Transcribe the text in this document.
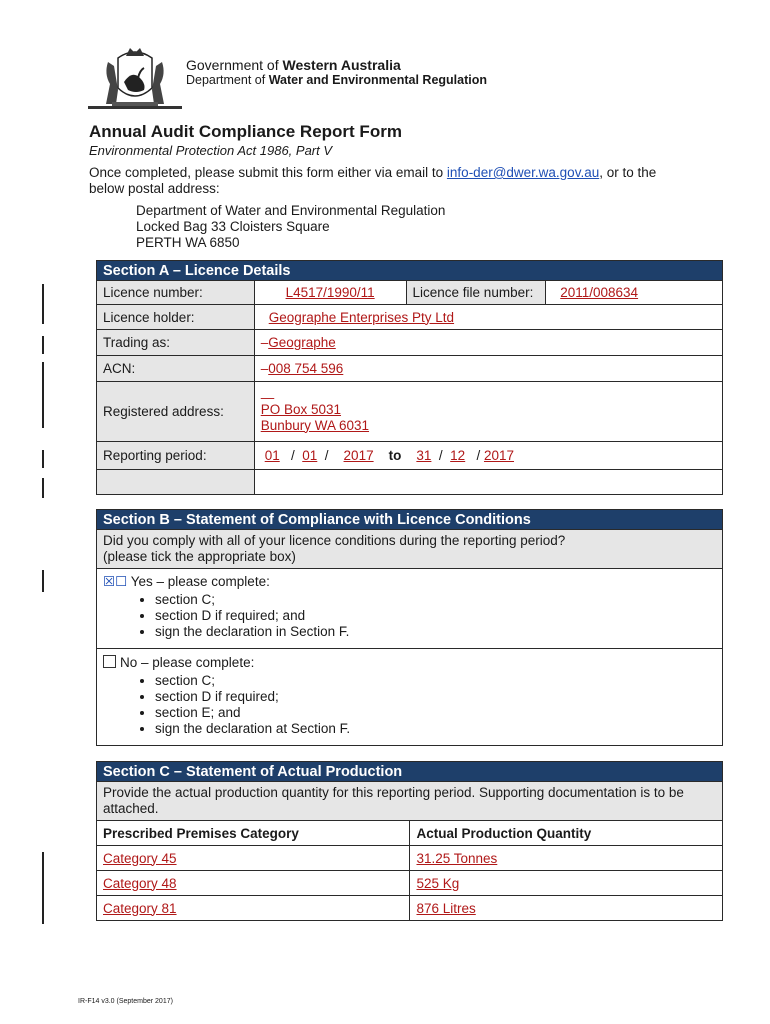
Government of Western Australia
Department of Water and Environmental Regulation
Annual Audit Compliance Report Form
Environmental Protection Act 1986, Part V
Once completed, please submit this form either via email to info-der@dwer.wa.gov.au, or to the below postal address:
Department of Water and Environmental Regulation
Locked Bag 33 Cloisters Square
PERTH WA 6850
Section A – Licence Details			
Licence number:	L4517/1990/11	Licence file number:	2011/008634
Licence holder:	Geographe Enterprises Pty Ltd		
Trading as:	–Geographe		
ACN:	–008 754 596		
Registered address:	—
PO Box 5031
Bunbury WA 6031		

Reporting period:	01   /  01  /    2017 to 31  /  12   / 2017		

Section B – Statement of Compliance with Licence Conditions

Did you comply with all of your licence conditions during the reporting period?
(please tick the appropriate box)

☒☐ Yes – please complete:
• section C;
• section D if required; and
• sign the declaration in Section F.

No – please complete:
• section C;
• section D if required;
• section E; and
• sign the declaration at Section F.
Section C – Statement of Actual Production	
Provide the actual production quantity for this reporting period. Supporting documentation is to be attached.	
Prescribed Premises Category	Actual Production Quantity
Category 45	31.25 Tonnes
Category 48	525 Kg
Category 81	876 Litres
IR-F14 v3.0 (September 2017)
